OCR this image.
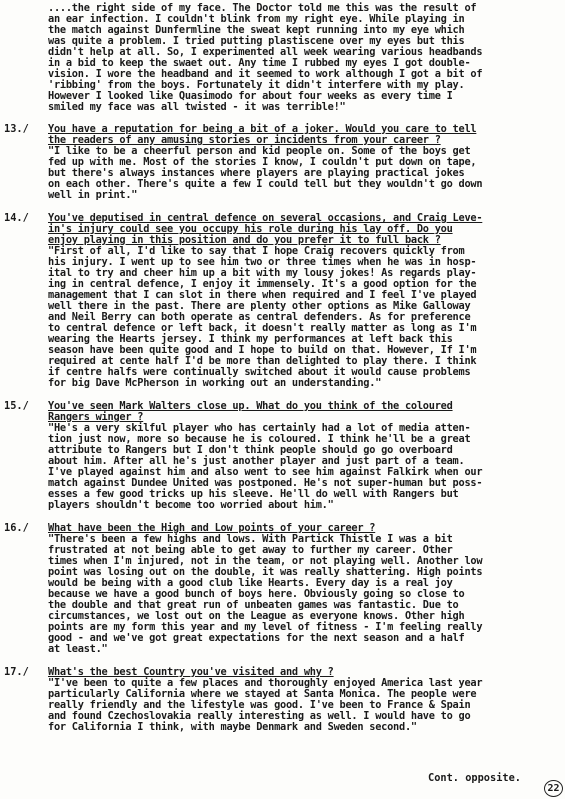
....the right side of my face. The Doctor told me this was the result of
an ear infection. I couldn't blink from my right eye. While playing in
the match against Dunfermline the sweat kept running into my eye which
was quite a problem. I tried putting plastiscene over my eyes but this
didn't help at all. So, I experimented all week wearing various headbands
in a bid to keep the swaet out. Any time I rubbed my eyes I got double-
vision. I wore the headband and it seemed to work although I got a bit of
'ribbing' from the boys. Fortunately it didn't interfere with my play.
However I looked like Quasimodo for about four weeks as every time I
smiled my face was all twisted - it was terrible!"
13./ You have a reputation for being a bit of a joker. Would you care to tell
the readers of any amusing stories or incidents from your career ?
"I like to be a cheerful person and kid people on. Some of the boys get
fed up with me. Most of the stories I know, I couldn't put down on tape,
but there's always instances where players are playing practical jokes
on each other. There's quite a few I could tell but they wouldn't go down
well in print."
14./ You've deputised in central defence on several occasions, and Craig Leve-
in's injury could see you occupy his role during his lay off. Do you
enjoy playing in this position and do you prefer it to full back ?
"First of all, I'd like to say that I hope Craig recovers quickly from
his injury. I went up to see him two or three times when he was in hosp-
ital to try and cheer him up a bit with my lousy jokes! As regards play-
ing in central defence, I enjoy it immensely. It's a good option for the
management that I can slot in there when required and I feel I've played
well there in the past. There are plenty other options as Mike Galloway
and Neil Berry can both operate as central defenders. As for preference
to central defence or left back, it doesn't really matter as long as I'm
wearing the Hearts jersey. I think my performances at left back this
season have been quite good and I hope to build on that. However, If I'm
required at cente half I'd be more than delighted to play there. I think
if centre halfs were continually switched about it would cause problems
for big Dave McPherson in working out an understanding."
15./ You've seen Mark Walters close up. What do you think of the coloured
Rangers winger ?
"He's a very skilful player who has certainly had a lot of media atten-
tion just now, more so because he is coloured. I think he'll be a great
attribute to Rangers but I don't think people should go go overboard
about him. After all he's just another player and just part of a team.
I've played against him and also went to see him against Falkirk when our
match against Dundee United was postponed. He's not super-human but poss-
esses a few good tricks up his sleeve. He'll do well with Rangers but
players shouldn't become too worried about him."
16./ What have been the High and Low points of your career ?
"There's been a few highs and lows. With Partick Thistle I was a bit
frustrated at not being able to get away to further my career. Other
times when I'm injured, not in the team, or not playing well. Another low
point was losing out on the double, it was really shattering. High points
would be being with a good club like Hearts. Every day is a real joy
because we have a good bunch of boys here. Obviously going so close to
the double and that great run of unbeaten games was fantastic. Due to
circumstances, we lost out on the League as everyone knows. Other high
points are my form this year and my level of fitness - I'm feeling really
good - and we've got great expectations for the next season and a half
at least."
17./ What's the best Country you've visited and why ?
"I've been to quite a few places and thoroughly enjoyed America last year
particularly California where we stayed at Santa Monica. The people were
really friendly and the lifestyle was good. I've been to France & Spain
and found Czechoslovakia really interesting as well. I would have to go
for California I think, with maybe Denmark and Sweden second."
Cont. opposite.
22
